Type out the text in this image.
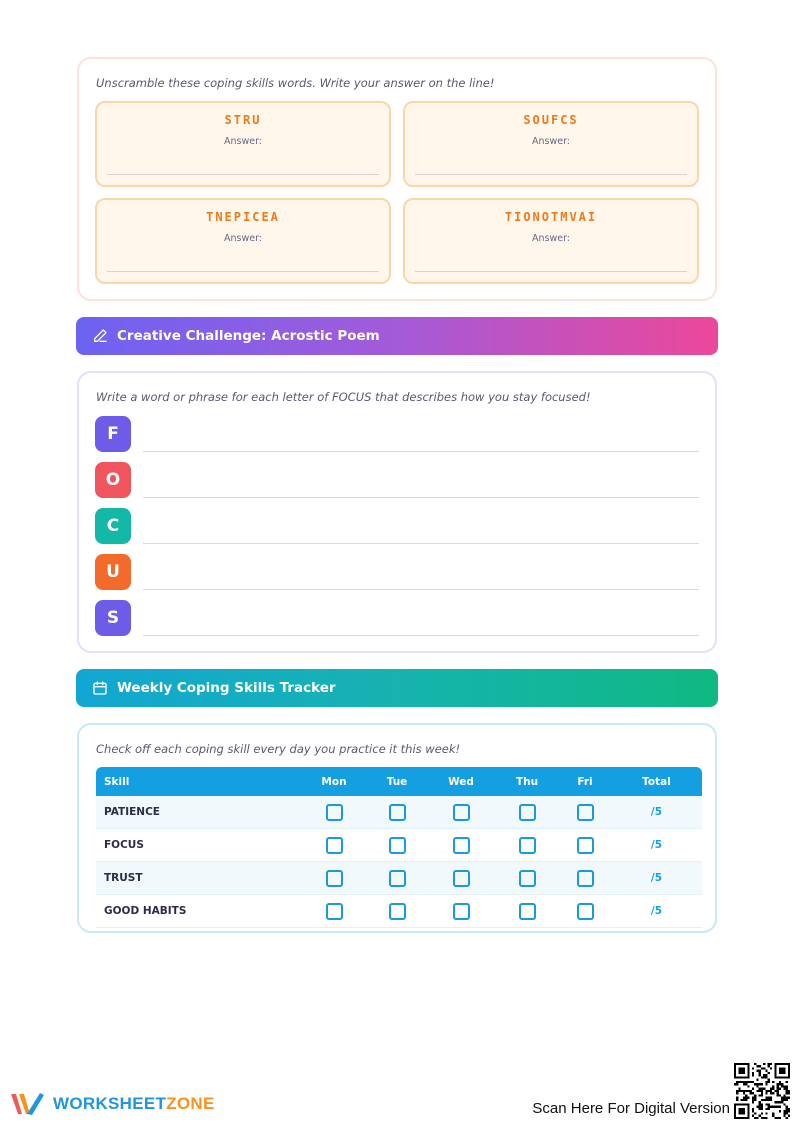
Unscramble these coping skills words. Write your answer on the line!
STRU
Answer:
SOUFCS
Answer:
TNEPICEA
Answer:
TIONOTMVAI
Answer:
Creative Challenge: Acrostic Poem
Write a word or phrase for each letter of FOCUS that describes how you stay focused!
F
O
C
U
S
Weekly Coping Skills Tracker
Check off each coping skill every day you practice it this week!
Skill	Mon	Tue	Wed	Thu	Fri	Total
PATIENCE						/5
FOCUS						/5
TRUST						/5
GOOD HABITS						/5
WORKSHEETZONE	Scan Here For Digital Version
